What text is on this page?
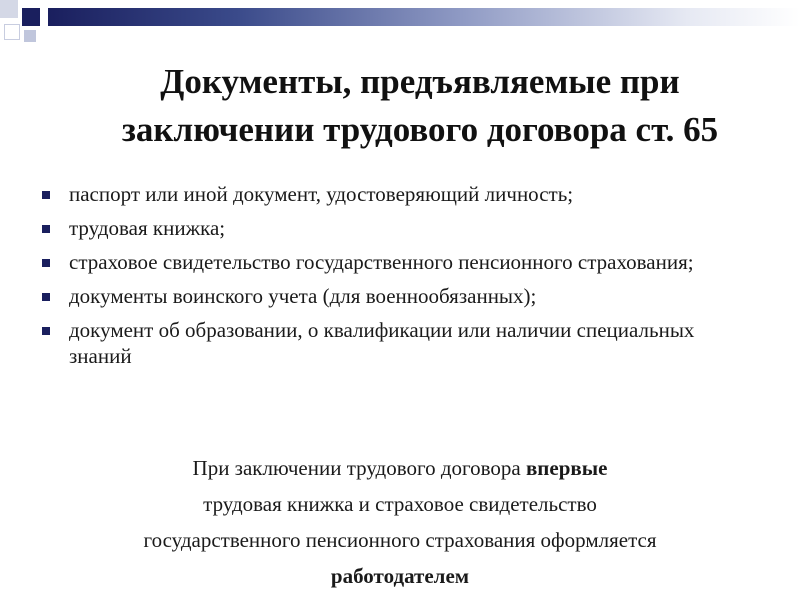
Документы, предъявляемые при
заключении трудового договора ст. 65
паспорт или иной документ, удостоверяющий личность;
трудовая книжка;
страховое свидетельство государственного пенсионного страхования;
документы воинского учета (для военнообязанных);
документ об образовании, о квалификации или наличии специальных знаний
При заключении трудового договора впервые
трудовая книжка и страховое свидетельство
государственного пенсионного страхования оформляется
работодателем
